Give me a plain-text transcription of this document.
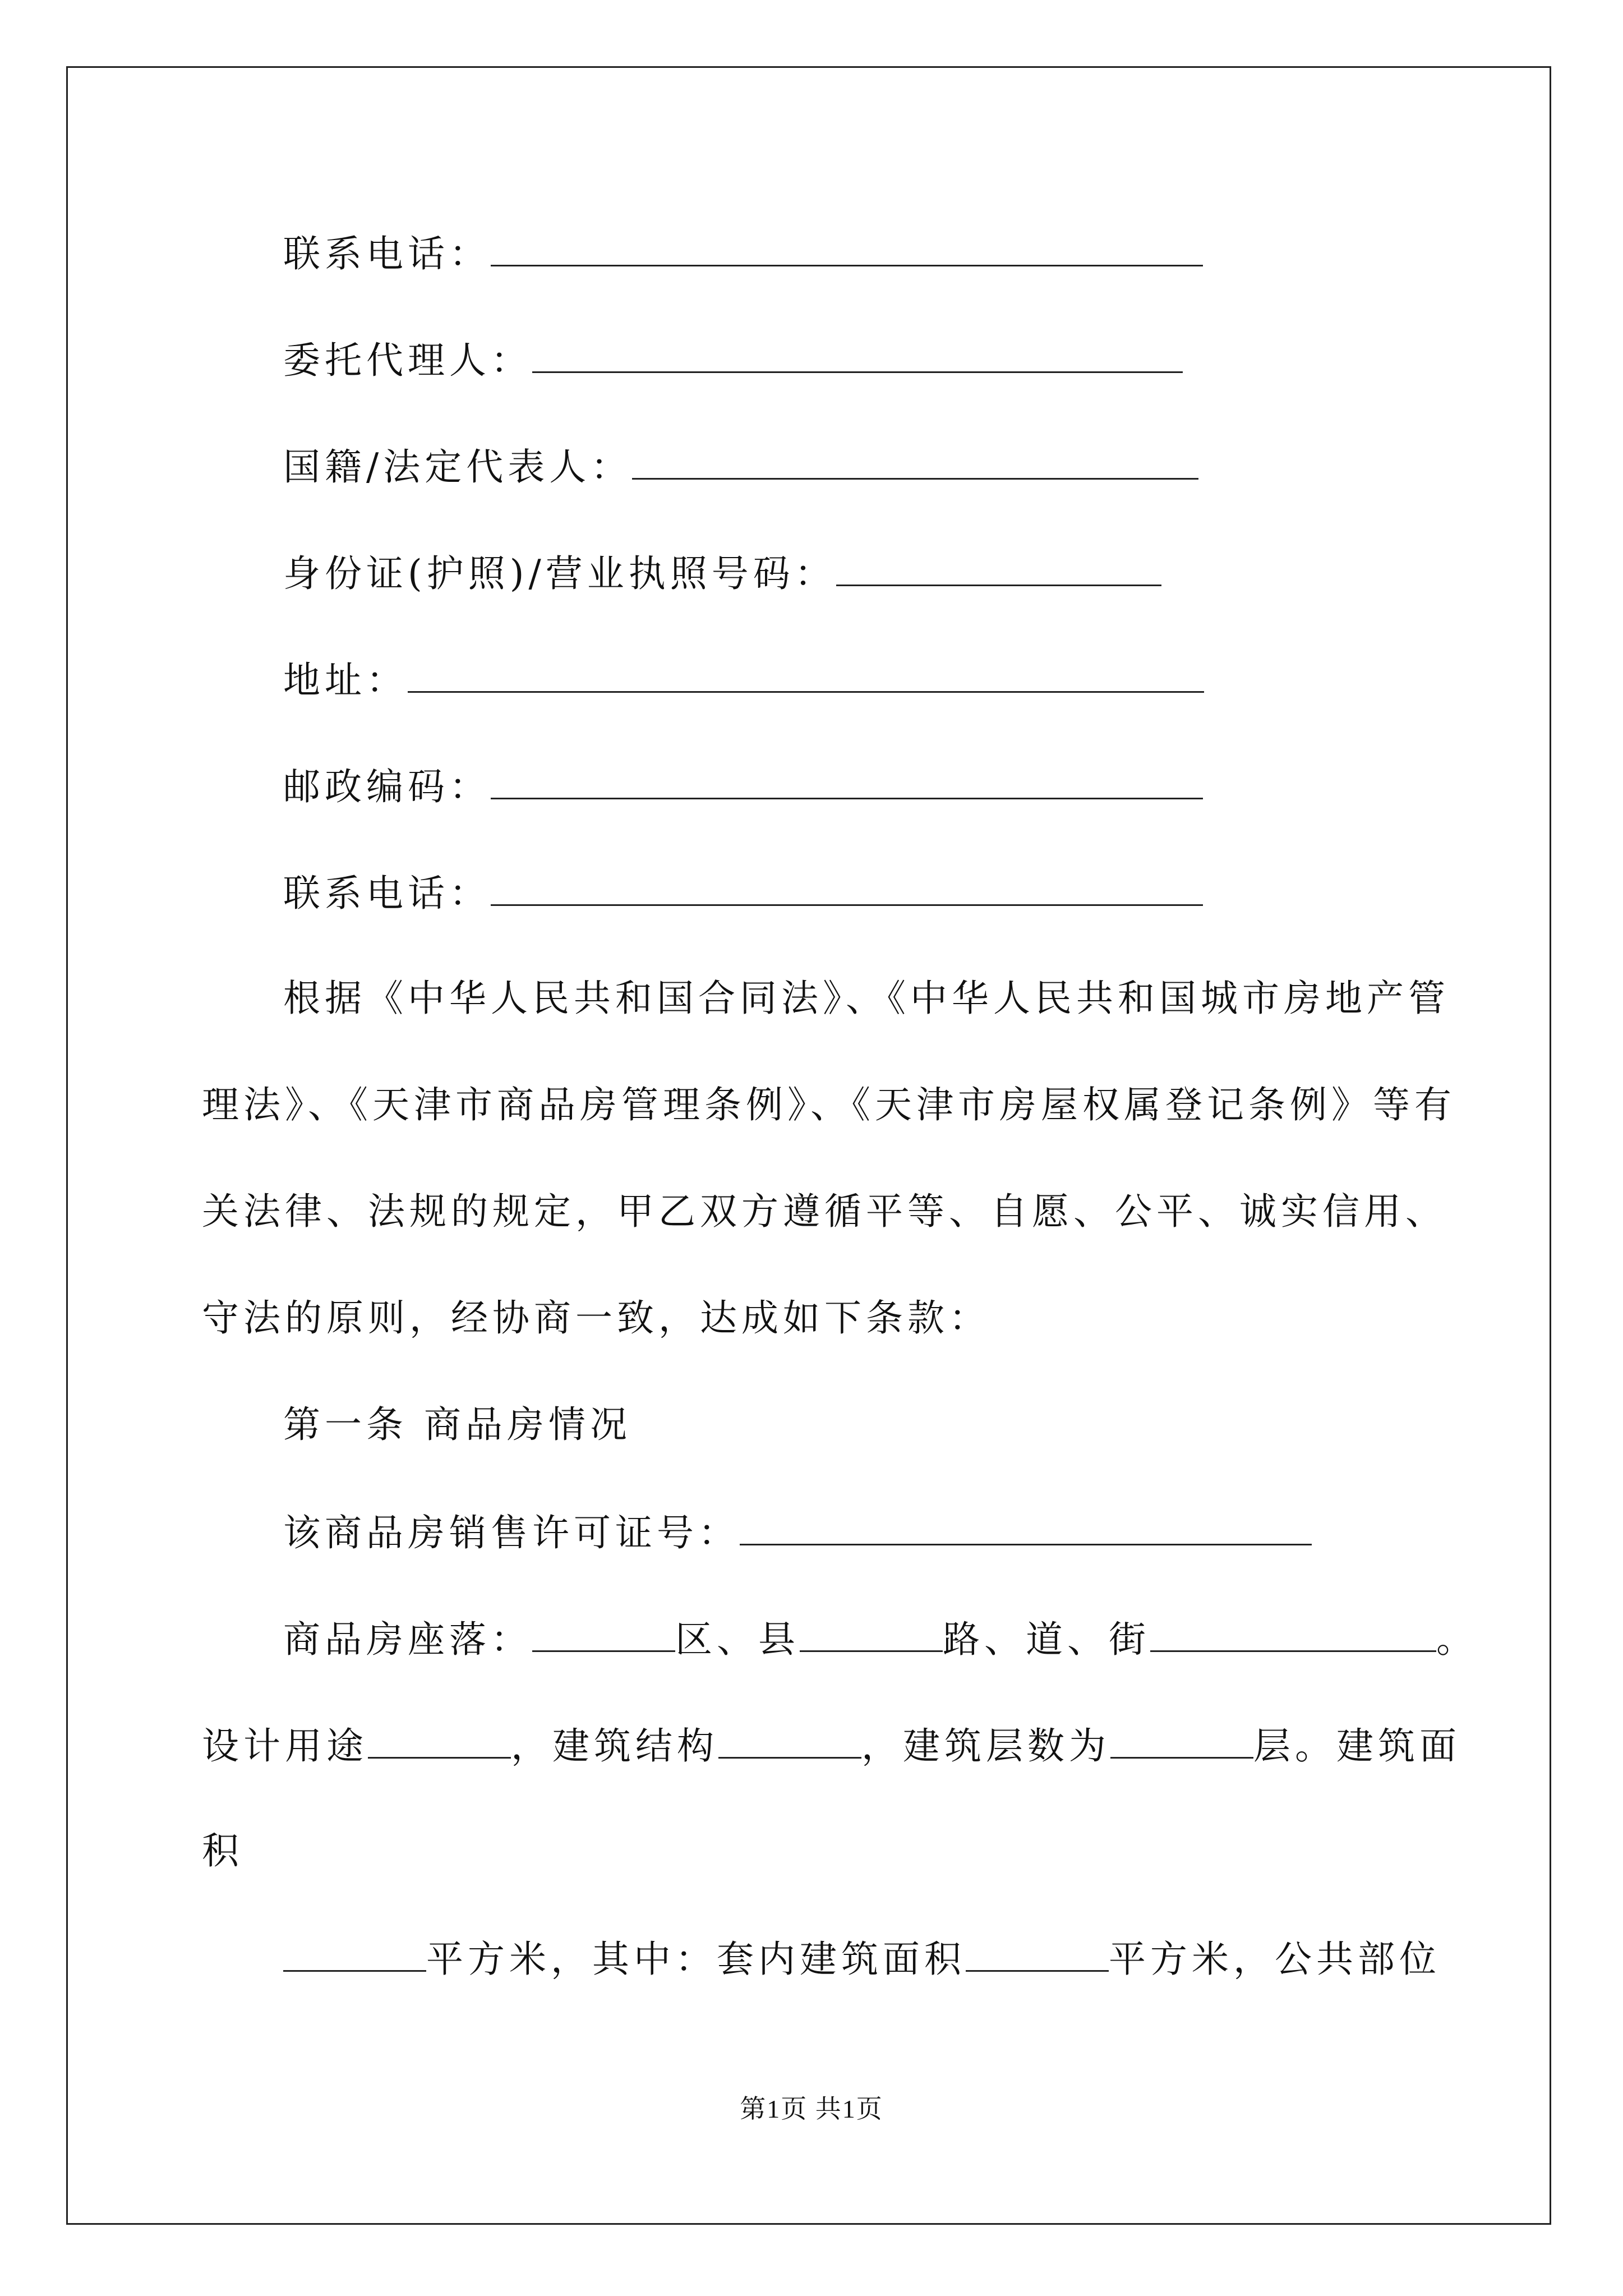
联系电话：
委托代理人：
国籍/法定代表人：
身份证(护照)/营业执照号码：
地址：
邮政编码：
联系电话：
根据《中华人民共和国合同法》、《中华人民共和国城市房地产管
理法》、《天津市商品房管理条例》、《天津市房屋权属登记条例》等有
关法律、法规的规定，甲乙双方遵循平等、自愿、公平、诚实信用、
守法的原则，经协商一致，达成如下条款：
第一条 商品房情况
该商品房销售许可证号：
商品房座落：	区、县	路、道、街	。
设计用途	，建筑结构	，建筑层数为	层。建筑面
积
平方米，其中：套内建筑面积	平方米，公共部位
第1页 共1页
